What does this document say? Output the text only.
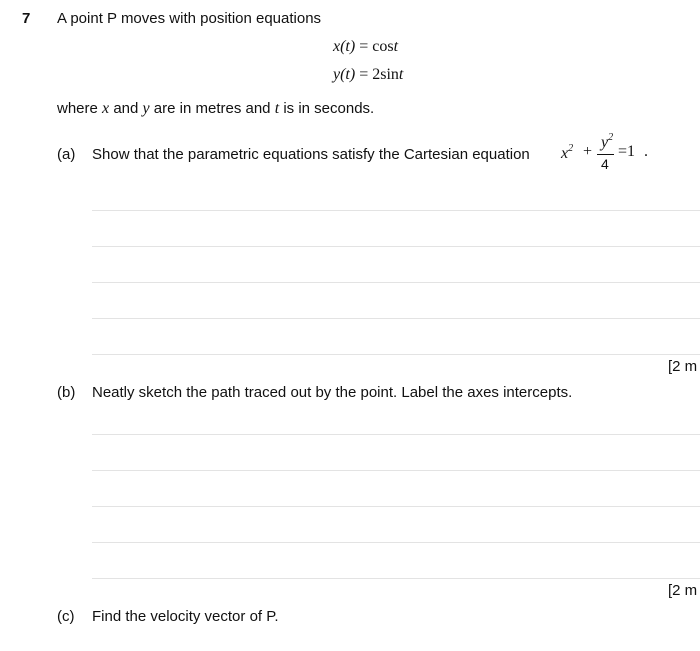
7 A point P moves with position equations
x(t) = cost
y(t) = 2sint
where x and y are in metres and t is in seconds.
(a) Show that the parametric equations satisfy the Cartesian equation $x^2$ +
$y^2$
4
=1 .
[2 m
(b) Neatly sketch the path traced out by the point. Label the axes intercepts.
[2 m
(c) Find the velocity vector of P.
